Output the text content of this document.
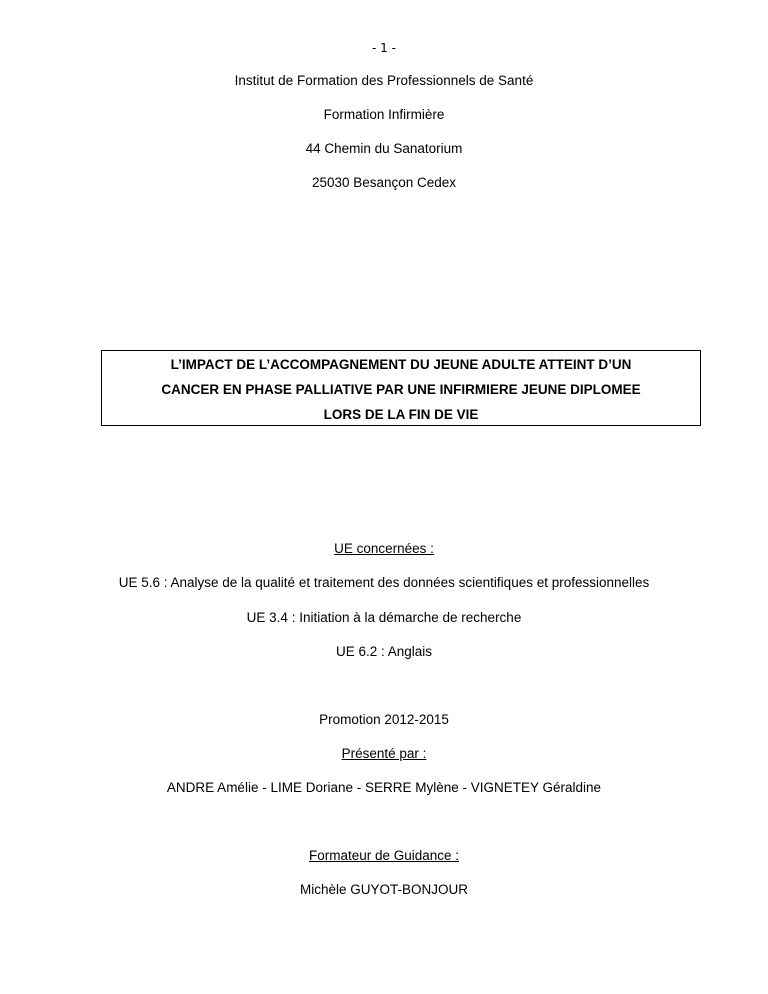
- 1 -
Institut de Formation des Professionnels de Santé
Formation Infirmière
44 Chemin du Sanatorium
25030 Besançon Cedex
L’IMPACT DE L’ACCOMPAGNEMENT DU JEUNE ADULTE ATTEINT D’UN
CANCER EN PHASE PALLIATIVE PAR UNE INFIRMIERE JEUNE DIPLOMEE
LORS DE LA FIN DE VIE
UE concernées :
UE 5.6 : Analyse de la qualité et traitement des données scientifiques et professionnelles
UE 3.4 : Initiation à la démarche de recherche
UE 6.2 : Anglais
Promotion 2012-2015
Présenté par :
ANDRE Amélie - LIME Doriane - SERRE Mylène - VIGNETEY Géraldine
Formateur de Guidance :
Michèle GUYOT-BONJOUR
